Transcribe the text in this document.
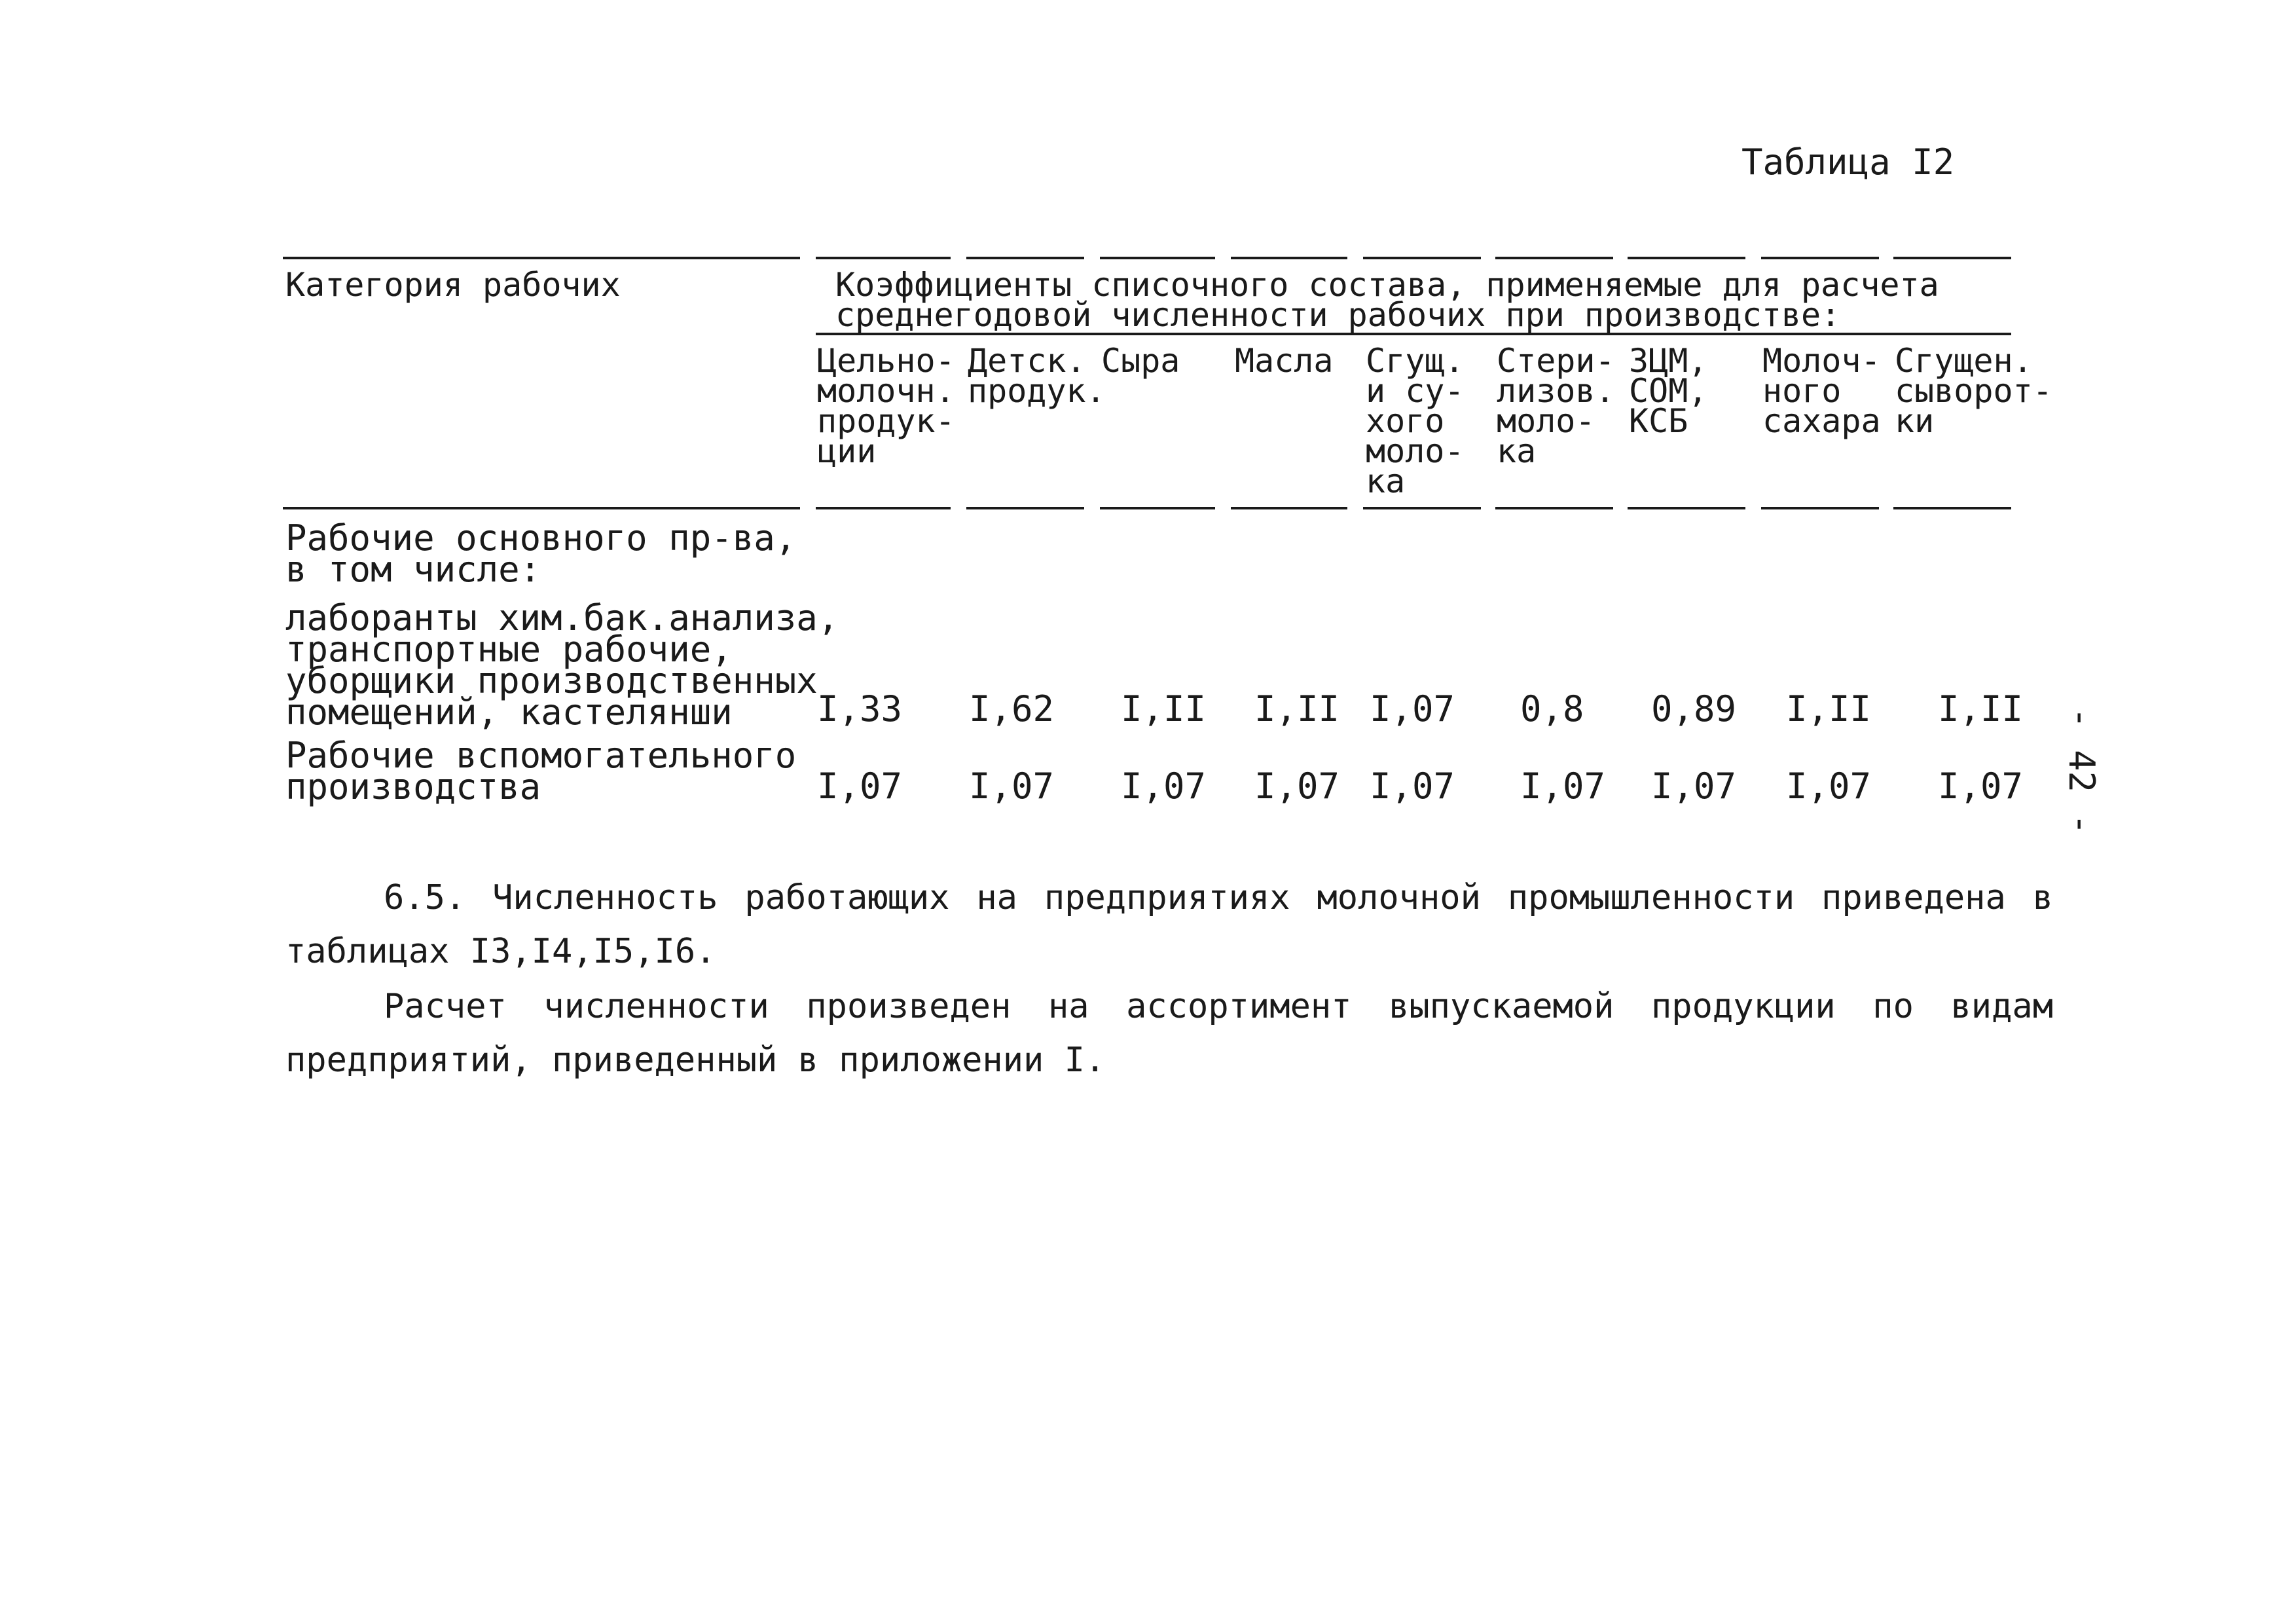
Таблица I2
Категория рабочих	Коэффициенты списочного состава, применяемые для расчета
среднегодовой численности рабочих при производстве:
Цельно-
молочн.
продук-
ции
Детск.
продук.
Сыра Масла Сгущ.
и су-
хого
моло-
ка
Стери-
лизов.
моло-
ка
ЗЦМ,
СОМ,
КСБ
Молоч-
ного
сахара
Сгущен.
сыворот-
ки
Рабочие основного пр-ва,
в том числе:
лаборанты хим.бак.анализа,
транспортные рабочие,
уборщики производственных
помещений, кастелянши
Рабочие вспомогательного
производства
I,33 I,62 I,II I,II I,07 0,8 0,89 I,II I,II
I,07 I,07 I,07 I,07 I,07 I,07 I,07 I,07 I,07
6.5. Численность работающих на предприятиях молочной промышленности приведена в таблицах I3,I4,I5,I6.
Расчет численности произведен на ассортимент выпускаемой продукции по видам предприятий, приведенный в приложении I.
- 42 -
